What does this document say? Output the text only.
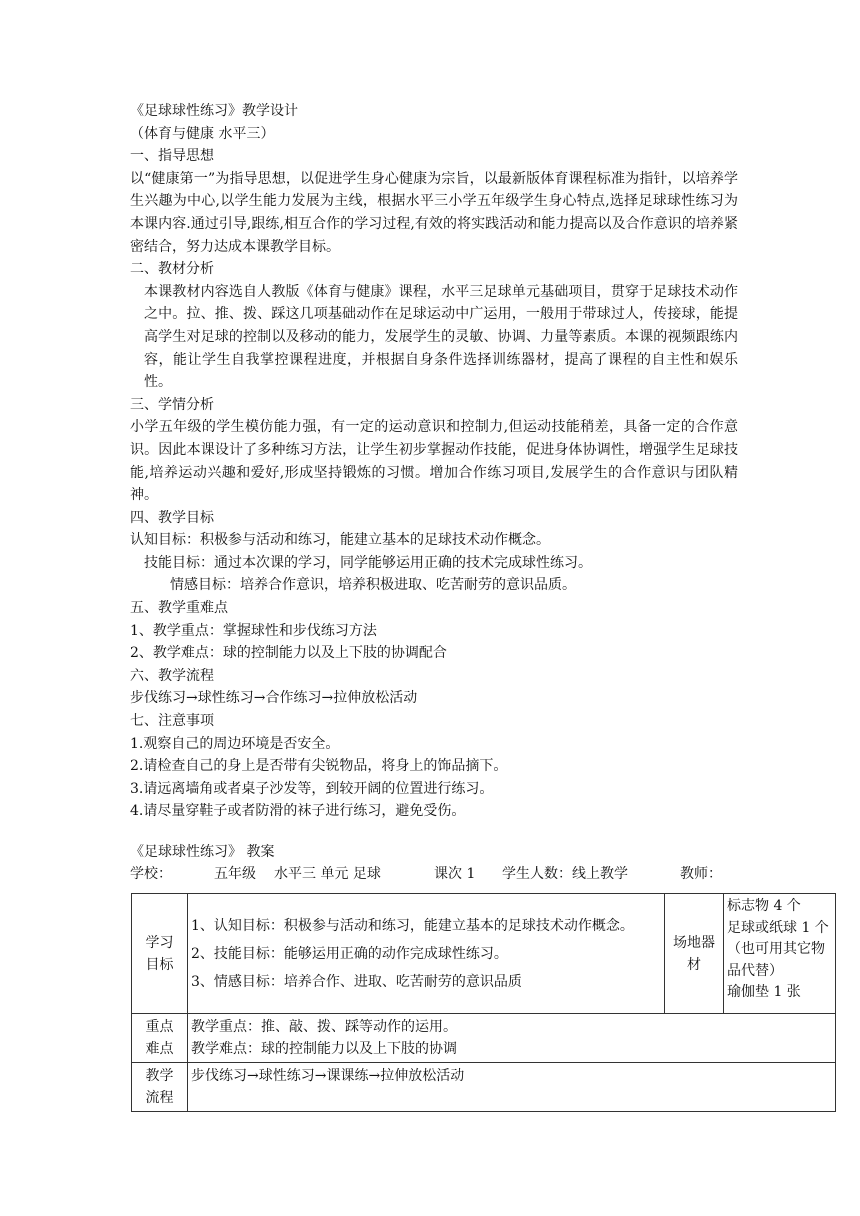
《足球球性练习》教学设计

（体育与健康 水平三）

一、指导思想

以“健康第一”为指导思想，以促进学生身心健康为宗旨，以最新版体育课程标准为指针，以培养学生兴趣为中心,以学生能力发展为主线，根据水平三小学五年级学生身心特点,选择足球球性练习为本课内容.通过引导,跟练,相互合作的学习过程,有效的将实践活动和能力提高以及合作意识的培养紧密结合，努力达成本课教学目标。

二、教材分析

本课教材内容选自人教版《体育与健康》课程，水平三足球单元基础项目，贯穿于足球技术动作之中。拉、推、拨、踩这几项基础动作在足球运动中广运用，一般用于带球过人，传接球，能提高学生对足球的控制以及移动的能力，发展学生的灵敏、协调、力量等素质。本课的视频跟练内容，能让学生自我掌控课程进度，并根据自身条件选择训练器材，提高了课程的自主性和娱乐性。

三、学情分析

小学五年级的学生模仿能力强，有一定的运动意识和控制力,但运动技能稍差，具备一定的合作意识。因此本课设计了多种练习方法，让学生初步掌握动作技能，促进身体协调性，增强学生足球技能,培养运动兴趣和爱好,形成坚持锻炼的习惯。增加合作练习项目,发展学生的合作意识与团队精神。

四、教学目标

认知目标：积极参与活动和练习，能建立基本的足球技术动作概念。

技能目标：通过本次课的学习，同学能够运用正确的技术完成球性练习。

情感目标：培养合作意识，培养积极进取、吃苦耐劳的意识品质。

五、教学重难点

1、教学重点：掌握球性和步伐练习方法

2、教学难点：球的控制能力以及上下肢的协调配合

六、教学流程

步伐练习→球性练习→合作练习→拉伸放松活动

七、注意事项

1.观察自己的周边环境是否安全。

2.请检查自己的身上是否带有尖锐物品，将身上的饰品摘下。

3.请远离墙角或者桌子沙发等，到较开阔的位置进行练习。

4.请尽量穿鞋子或者防滑的袜子进行练习，避免受伤。

《足球球性练习》 教案

学校：	五年级	水平三 单元 足球	课次 1	学生人数：线上教学	教师：
学习
目标	1、认知目标：积极参与活动和练习，能建立基本的足球技术动作概念。
2、技能目标：能够运用正确的动作完成球性练习。
3、情感目标：培养合作、进取、吃苦耐劳的意识品质	场地器
材	标志物 4 个
足球或纸球 1 个
（也可用其它物
品代替）
瑜伽垫 1 张

重点
难点	教学重点：推、敲、拨、踩等动作的运用。
教学难点：球的控制能力以及上下肢的协调		

教学
流程	步伐练习→球性练习→课课练→拉伸放松活动		
